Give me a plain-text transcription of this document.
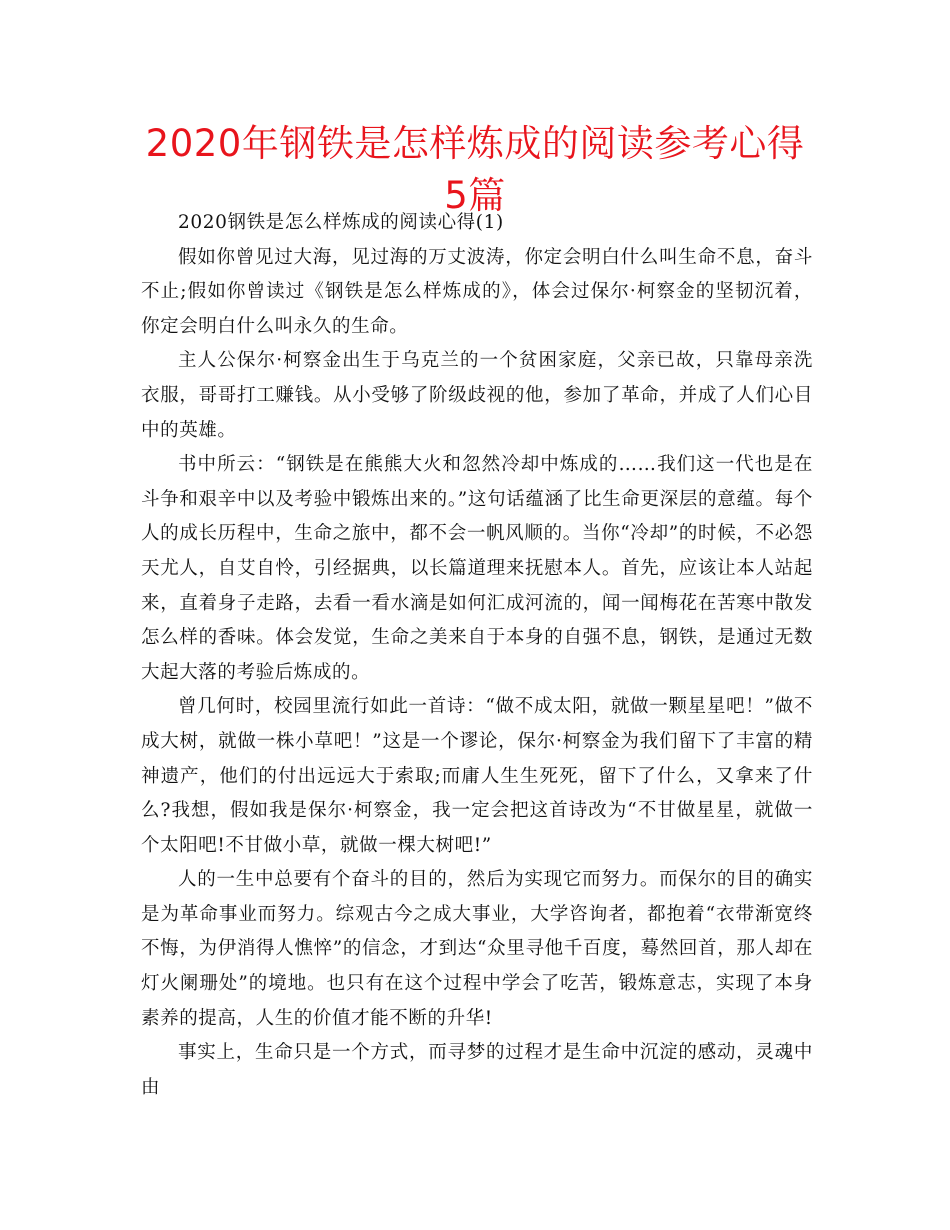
2020年钢铁是怎样炼成的阅读参考心得5篇

2020钢铁是怎么样炼成的阅读心得(1)

假如你曾见过大海，见过海的万丈波涛，你定会明白什么叫生命不息，奋斗不止;假如你曾读过《钢铁是怎么样炼成的》，体会过保尔·柯察金的坚韧沉着，你定会明白什么叫永久的生命。

主人公保尔·柯察金出生于乌克兰的一个贫困家庭，父亲已故，只靠母亲洗衣服，哥哥打工赚钱。从小受够了阶级歧视的他，参加了革命，并成了人们心目中的英雄。

书中所云：“钢铁是在熊熊大火和忽然冷却中炼成的……我们这一代也是在斗争和艰辛中以及考验中锻炼出来的。”这句话蕴涵了比生命更深层的意蕴。每个人的成长历程中，生命之旅中，都不会一帆风顺的。当你“冷却”的时候，不必怨天尤人，自艾自怜，引经据典，以长篇道理来抚慰本人。首先，应该让本人站起来，直着身子走路，去看一看水滴是如何汇成河流的，闻一闻梅花在苦寒中散发怎么样的香味。体会发觉，生命之美来自于本身的自强不息，钢铁，是通过无数大起大落的考验后炼成的。

曾几何时，校园里流行如此一首诗：“做不成太阳，就做一颗星星吧！”做不成大树，就做一株小草吧！”这是一个谬论，保尔·柯察金为我们留下了丰富的精神遗产，他们的付出远远大于索取;而庸人生生死死，留下了什么，又拿来了什么?我想，假如我是保尔·柯察金，我一定会把这首诗改为“不甘做星星，就做一个太阳吧!不甘做小草，就做一棵大树吧!”

人的一生中总要有个奋斗的目的，然后为实现它而努力。而保尔的目的确实是为革命事业而努力。综观古今之成大事业，大学咨询者，都抱着“衣带渐宽终不悔，为伊消得人憔悴”的信念，才到达“众里寻他千百度，蓦然回首，那人却在灯火阑珊处”的境地。也只有在这个过程中学会了吃苦，锻炼意志，实现了本身素养的提高，人生的价值才能不断的升华!

事实上，生命只是一个方式，而寻梦的过程才是生命中沉淀的感动，灵魂中由
